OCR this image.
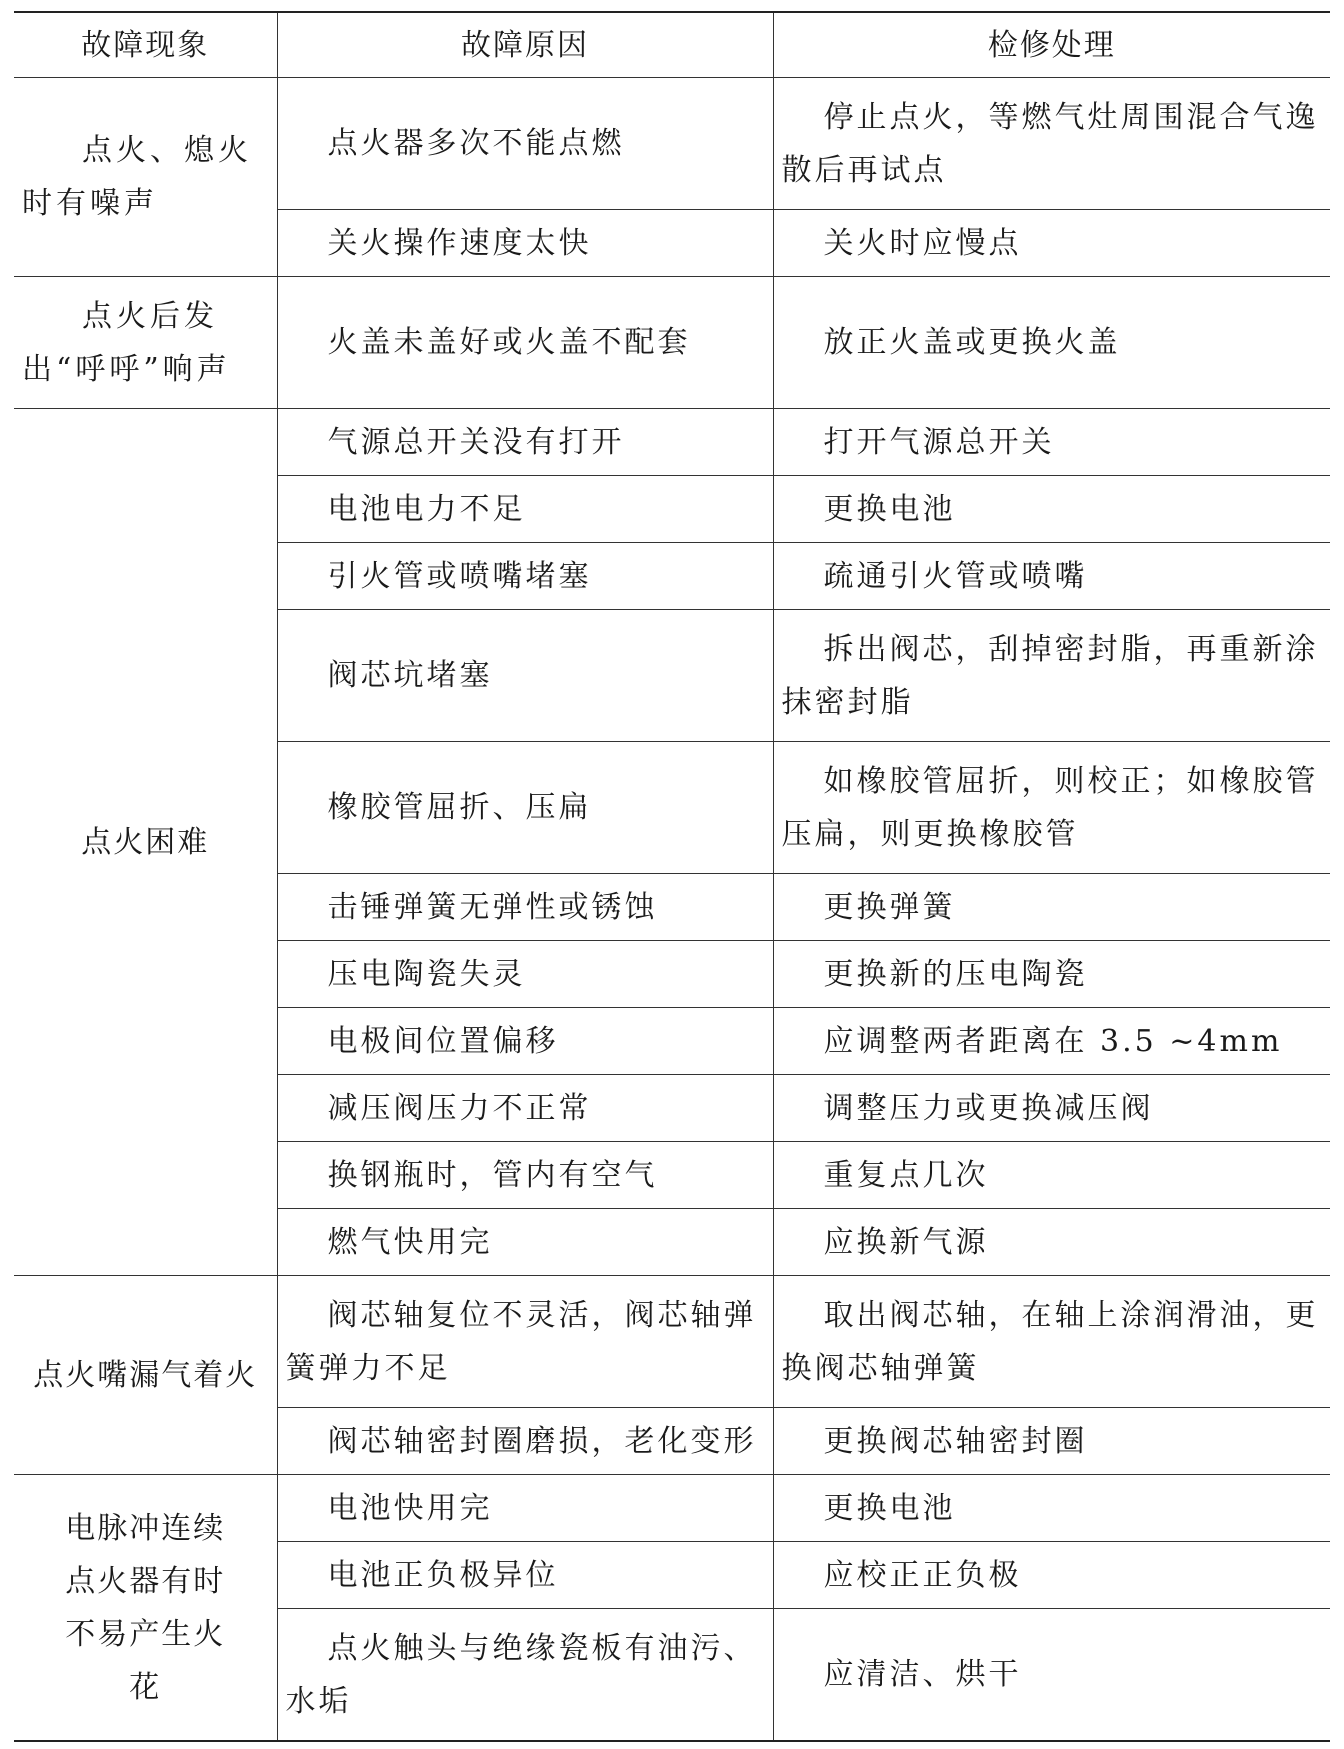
故障现象	故障原因	检修处理
点火、熄火时有噪声	点火器多次不能点燃	停止点火，等燃气灶周围混合气逸散后再试点

	关火操作速度太快	关火时应慢点

点火后发出“呼呼”响声	火盖未盖好或火盖不配套	放正火盖或更换火盖

点火困难	气源总开关没有打开	打开气源总开关

	电池电力不足	更换电池

	引火管或喷嘴堵塞	疏通引火管或喷嘴

	阀芯坑堵塞	拆出阀芯，刮掉密封脂，再重新涂抹密封脂

	橡胶管屈折、压扁	如橡胶管屈折，则校正；如橡胶管压扁，则更换橡胶管

	击锤弹簧无弹性或锈蚀	更换弹簧

	压电陶瓷失灵	更换新的压电陶瓷

	电极间位置偏移	应调整两者距离在 3.5 ~4mm

	减压阀压力不正常	调整压力或更换减压阀

	换钢瓶时，管内有空气	重复点几次

	燃气快用完	应换新气源

点火嘴漏气着火	阀芯轴复位不灵活，阀芯轴弹簧弹力不足	取出阀芯轴，在轴上涂润滑油，更换阀芯轴弹簧

	阀芯轴密封圈磨损，老化变形	更换阀芯轴密封圈

电脉冲连续点火器有时不易产生火花	电池快用完	更换电池

	电池正负极异位	应校正正负极

	点火触头与绝缘瓷板有油污、水垢	应清洁、烘干
